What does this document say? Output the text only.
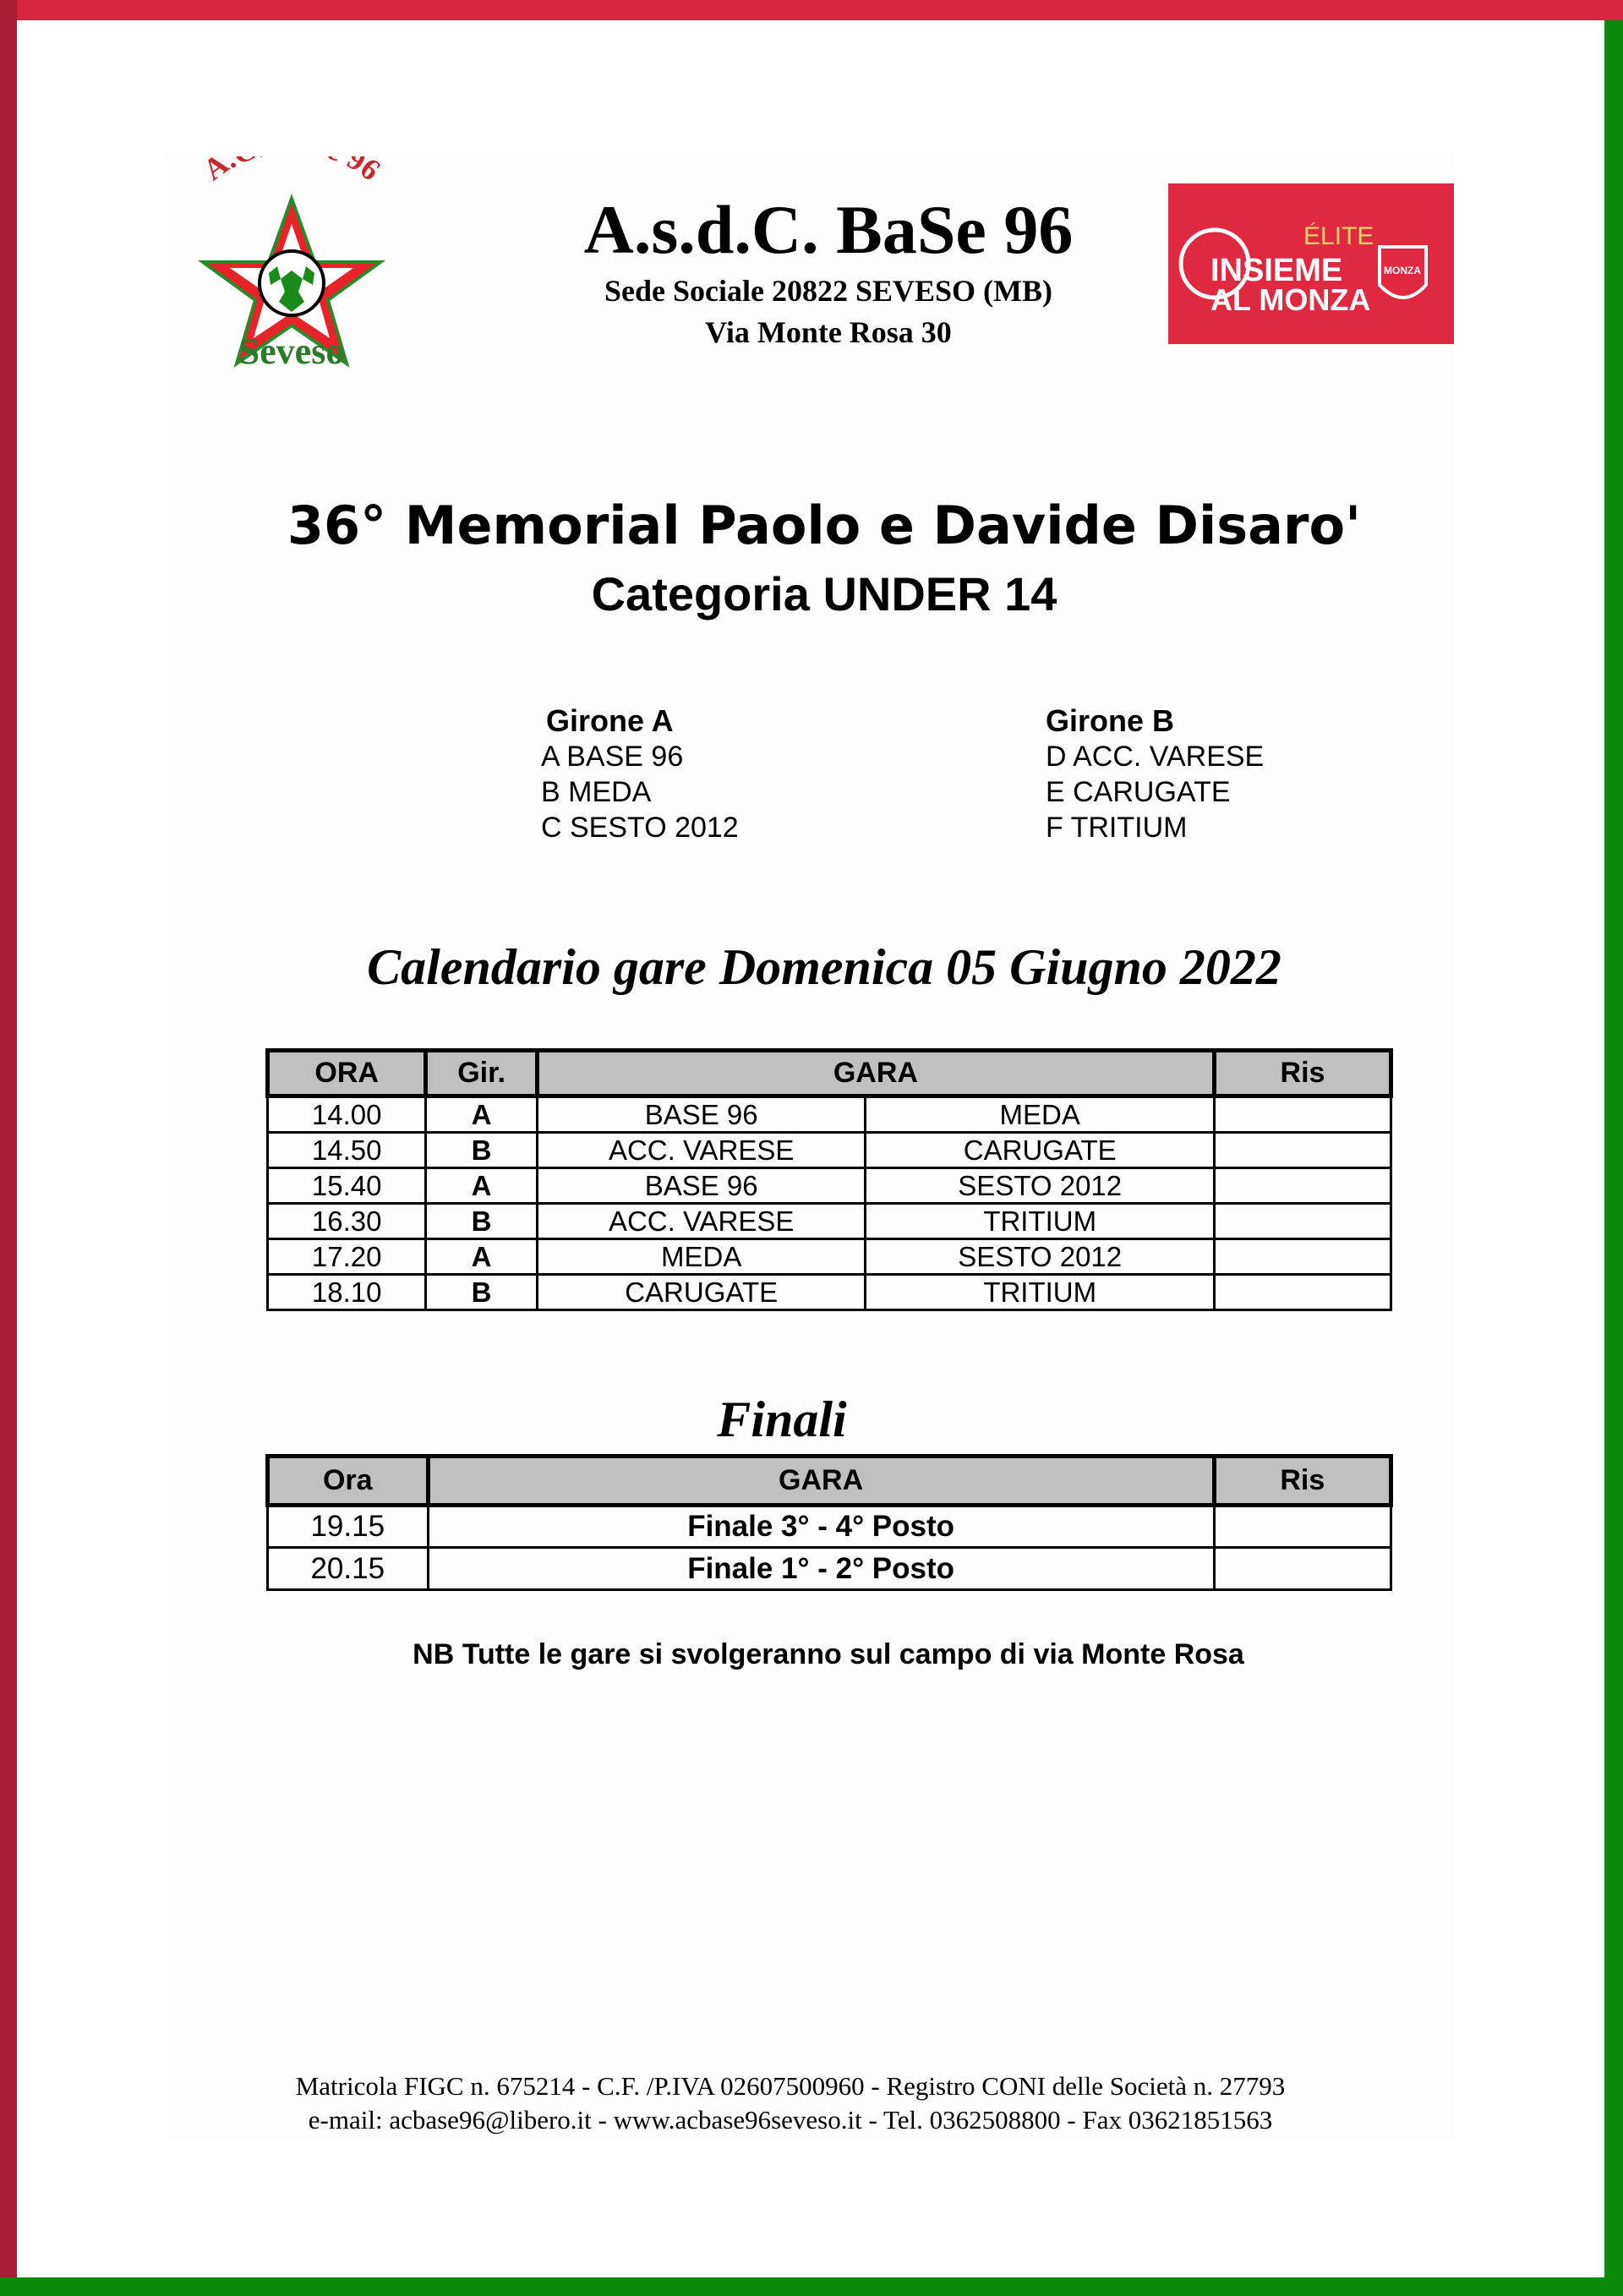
A. 96
Seveso
A.s.d.C. BaSe 96
Sede Sociale 20822 SEVESO (MB)
Via Monte Rosa 30
ÉLITE
INSIEME
AL MONZA
MONZA
36° Memorial Paolo e Davide Disaro'
Categoria UNDER 14
Girone A
A BASE 96
B MEDA
C SESTO 2012
Girone B
D ACC. VARESE
E CARUGATE
F TRITIUM
Calendario gare Domenica 05 Giugno 2022
ORA	Gir.	GARA		Ris
14.00	A	BASE 96	MEDA	
14.50	B	ACC. VARESE	CARUGATE	
15.40	A	BASE 96	SESTO 2012	
16.30	B	ACC. VARESE	TRITIUM	
17.20	A	MEDA	SESTO 2012	
18.10	B	CARUGATE	TRITIUM	
Finali
Ora	GARA	Ris
19.15	Finale 3° - 4° Posto	
20.15	Finale 1° - 2° Posto	
NB Tutte le gare si svolgeranno sul campo di via Monte Rosa
Matricola FIGC n. 675214 - C.F. /P.IVA 02607500960 - Registro CONI delle Società n. 27793
e-mail: acbase96@libero.it - www.acbase96seveso.it - Tel. 0362508800 - Fax 03621851563
